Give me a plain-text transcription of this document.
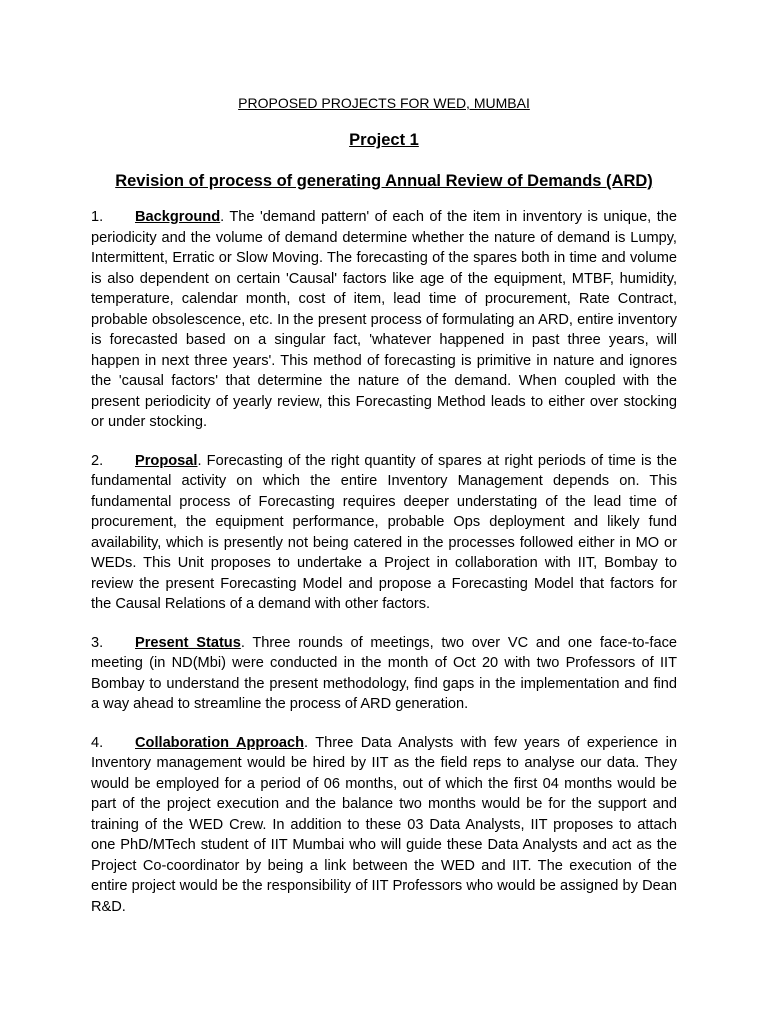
PROPOSED PROJECTS FOR WED, MUMBAI

Project 1

Revision of process of generating Annual Review of Demands (ARD)

1. Background. The 'demand pattern' of each of the item in inventory is unique, the periodicity and the volume of demand determine whether the nature of demand is Lumpy, Intermittent, Erratic or Slow Moving. The forecasting of the spares both in time and volume is also dependent on certain 'Causal' factors like age of the equipment, MTBF, humidity, temperature, calendar month, cost of item, lead time of procurement, Rate Contract, probable obsolescence, etc. In the present process of formulating an ARD, entire inventory is forecasted based on a singular fact, 'whatever happened in past three years, will happen in next three years'. This method of forecasting is primitive in nature and ignores the 'causal factors' that determine the nature of the demand. When coupled with the present periodicity of yearly review, this Forecasting Method leads to either over stocking or under stocking.

2. Proposal. Forecasting of the right quantity of spares at right periods of time is the fundamental activity on which the entire Inventory Management depends on. This fundamental process of Forecasting requires deeper understating of the lead time of procurement, the equipment performance, probable Ops deployment and likely fund availability, which is presently not being catered in the processes followed either in MO or WEDs. This Unit proposes to undertake a Project in collaboration with IIT, Bombay to review the present Forecasting Model and propose a Forecasting Model that factors for the Causal Relations of a demand with other factors.

3. Present Status. Three rounds of meetings, two over VC and one face-to-face meeting (in ND(Mbi) were conducted in the month of Oct 20 with two Professors of IIT Bombay to understand the present methodology, find gaps in the implementation and find a way ahead to streamline the process of ARD generation.

4. Collaboration Approach. Three Data Analysts with few years of experience in Inventory management would be hired by IIT as the field reps to analyse our data. They would be employed for a period of 06 months, out of which the first 04 months would be part of the project execution and the balance two months would be for the support and training of the WED Crew. In addition to these 03 Data Analysts, IIT proposes to attach one PhD/MTech student of IIT Mumbai who will guide these Data Analysts and act as the Project Co-coordinator by being a link between the WED and IIT. The execution of the entire project would be the responsibility of IIT Professors who would be assigned by Dean R&D.
